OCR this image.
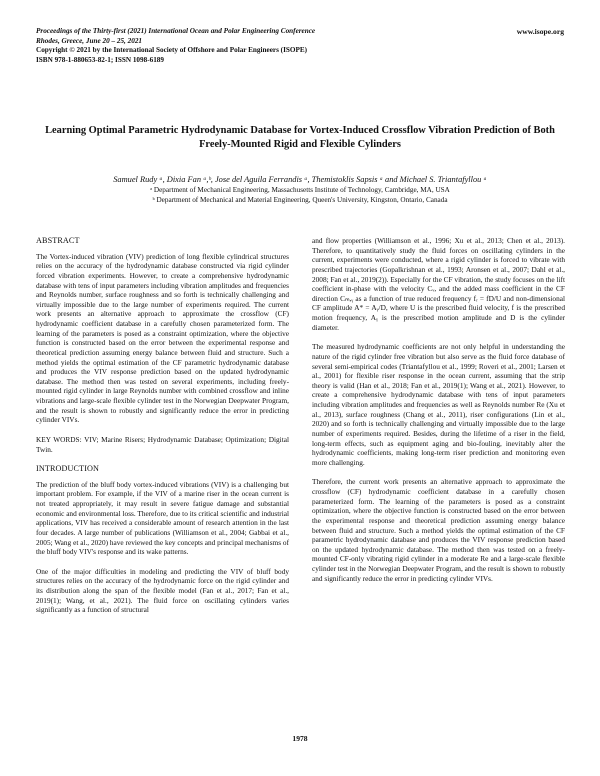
Proceedings of the Thirty-first (2021) International Ocean and Polar Engineering Conference
Rhodes, Greece, June 20 – 25, 2021
Copyright © 2021 by the International Society of Offshore and Polar Engineers (ISOPE)
ISBN 978-1-880653-82-1; ISSN 1098-6189
www.isope.org
Learning Optimal Parametric Hydrodynamic Database for Vortex-Induced Crossflow Vibration Prediction of Both Freely-Mounted Rigid and Flexible Cylinders
Samuel Rudy ᵃ, Dixia Fan ᵃ,ᵇ, Jose del Aguila Ferrandis ᵃ, Themistoklis Sapsis ᵃ and Michael S. Triantafyllou ᵃ
ᵃ Department of Mechanical Engineering, Massachusetts Institute of Technology, Cambridge, MA, USA
ᵇ Department of Mechanical and Material Engineering, Queen's University, Kingston, Ontario, Canada
ABSTRACT

The Vortex-induced vibration (VIV) prediction of long flexible cylindrical structures relies on the accuracy of the hydrodynamic database constructed via rigid cylinder forced vibration experiments. However, to create a comprehensive hydrodynamic database with tens of input parameters including vibration amplitudes and frequencies and Reynolds number, surface roughness and so forth is technically challenging and virtually impossible due to the large number of experiments required. The current work presents an alternative approach to approximate the crossflow (CF) hydrodynamic coefficient database in a carefully chosen parameterized form. The learning of the parameters is posed as a constraint optimization, where the objective function is constructed based on the error between the experimental response and theoretical prediction assuming energy balance between fluid and structure. Such a method yields the optimal estimation of the CF parametric hydrodynamic database and produces the VIV response prediction based on the updated hydrodynamic database. The method then was tested on several experiments, including freely-mounted rigid cylinder in large Reynolds number with combined crossflow and inline vibrations and large-scale flexible cylinder test in the Norwegian Deepwater Program, and the result is shown to robustly and significantly reduce the error in predicting cylinder VIVs.

KEY WORDS: VIV; Marine Risers; Hydrodynamic Database; Optimization; Digital Twin.

INTRODUCTION

The prediction of the bluff body vortex-induced vibrations (VIV) is a challenging but important problem. For example, if the VIV of a marine riser in the ocean current is not treated appropriately, it may result in severe fatigue damage and substantial economic and environmental loss. Therefore, due to its critical scientific and industrial applications, VIV has received a considerable amount of research attention in the last four decades. A large number of publications (Williamson et al., 2004; Gabbai et al., 2005; Wang et al., 2020) have reviewed the key concepts and principal mechanisms of the bluff body VIV's response and its wake patterns.

One of the major difficulties in modeling and predicting the VIV of bluff body structures relies on the accuracy of the hydrodynamic force on the rigid cylinder and its distribution along the span of the flexible model (Fan et al., 2017; Fan et al., 2019(1); Wang, et al., 2021). The fluid force on oscillating cylinders varies significantly as a function of structural

and flow properties (Williamson et al., 1996; Xu et al., 2013; Chen et al., 2013). Therefore, to quantitatively study the fluid forces on oscillating cylinders in the current, experiments were conducted, where a rigid cylinder is forced to vibrate with prescribed trajectories (Gopalkrishnan et al., 1993; Aronsen et al., 2007; Dahl et al., 2008; Fan et al., 2019(2)). Especially for the CF vibration, the study focuses on the lift coefficient in-phase with the velocity Cᵥ, and the added mass coefficient in the CF direction Cₘ,ᵧ as a function of true reduced frequency fᵣ = fD/U and non-dimensional CF amplitude A* = Aᵧ/D, where U is the prescribed fluid velocity, f is the prescribed motion frequency, Aᵧ is the prescribed motion amplitude and D is the cylinder diameter.

The measured hydrodynamic coefficients are not only helpful in understanding the nature of the rigid cylinder free vibration but also serve as the fluid force database of several semi-empirical codes (Triantafyllou et al., 1999; Roveri et al., 2001; Larsen et al., 2001) for flexible riser response in the ocean current, assuming that the strip theory is valid (Han et al., 2018; Fan et al., 2019(1); Wang et al., 2021). However, to create a comprehensive hydrodynamic database with tens of input parameters including vibration amplitudes and frequencies as well as Reynolds number Re (Xu et al., 2013), surface roughness (Chang et al., 2011), riser configurations (Lin et al., 2020) and so forth is technically challenging and virtually impossible due to the large number of experiments required. Besides, during the lifetime of a riser in the field, long-term effects, such as equipment aging and bio-fouling, inevitably alter the hydrodynamic coefficients, making long-term riser prediction and monitoring even more challenging.

Therefore, the current work presents an alternative approach to approximate the crossflow (CF) hydrodynamic coefficient database in a carefully chosen parameterized form. The learning of the parameters is posed as a constraint optimization, where the objective function is constructed based on the error between the experimental response and theoretical prediction assuming energy balance between fluid and structure. Such a method yields the optimal estimation of the CF parametric hydrodynamic database and produces the VIV response prediction based on the updated hydrodynamic database. The method then was tested on a freely-mounted CF-only vibrating rigid cylinder in a moderate Re and a large-scale flexible cylinder test in the Norwegian Deepwater Program, and the result is shown to robustly and significantly reduce the error in predicting cylinder VIVs.

1978
